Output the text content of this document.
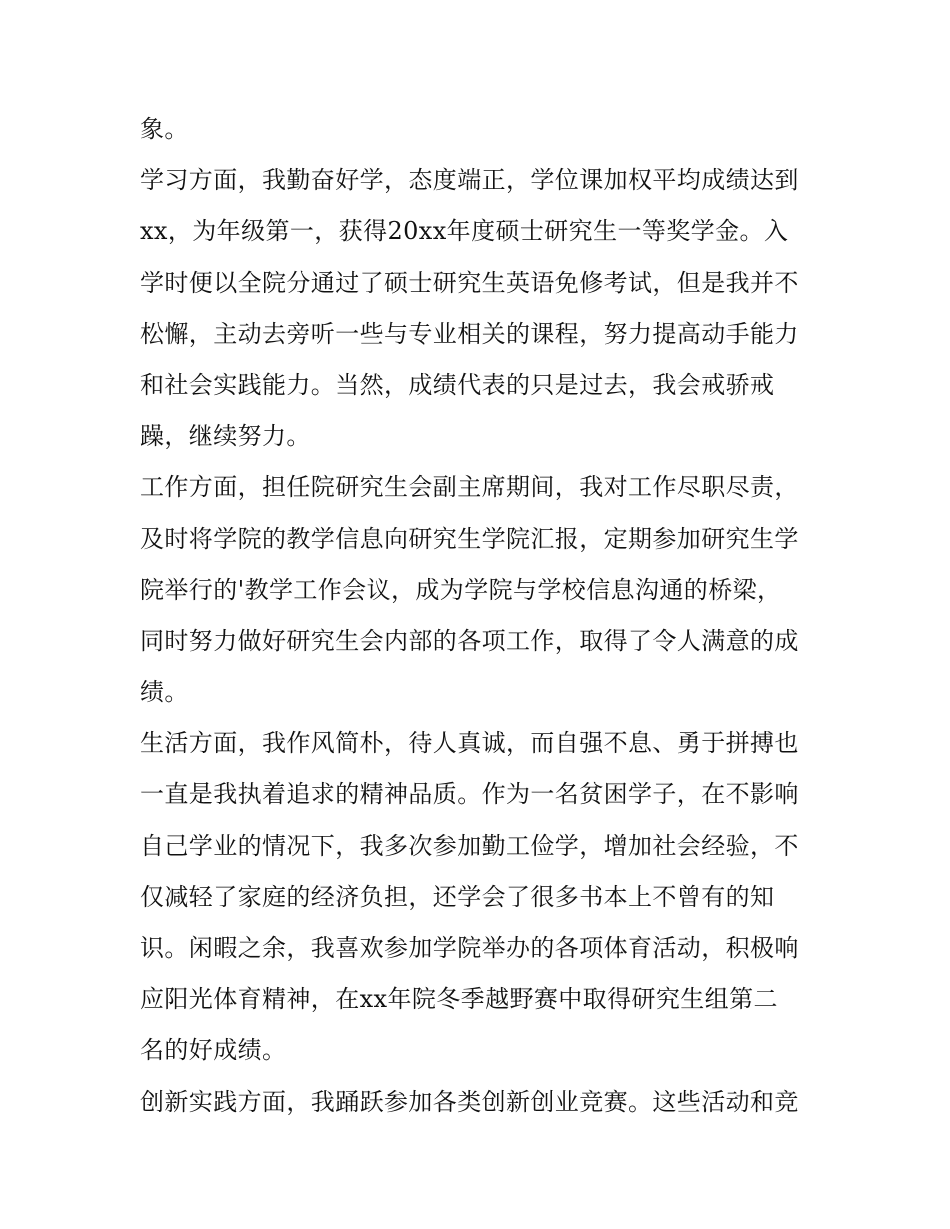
象。
学习方面，我勤奋好学，态度端正，学位课加权平均成绩达到
xx，为年级第一，获得20xx年度硕士研究生一等奖学金。入
学时便以全院分通过了硕士研究生英语免修考试，但是我并不
松懈，主动去旁听一些与专业相关的课程，努力提高动手能力
和社会实践能力。当然，成绩代表的只是过去，我会戒骄戒
躁，继续努力。
工作方面，担任院研究生会副主席期间，我对工作尽职尽责，
及时将学院的教学信息向研究生学院汇报，定期参加研究生学
院举行的'教学工作会议，成为学院与学校信息沟通的桥梁，
同时努力做好研究生会内部的各项工作，取得了令人满意的成
绩。
生活方面，我作风简朴，待人真诚，而自强不息、勇于拼搏也
一直是我执着追求的精神品质。作为一名贫困学子，在不影响
自己学业的情况下，我多次参加勤工俭学，增加社会经验，不
仅减轻了家庭的经济负担，还学会了很多书本上不曾有的知
识。闲暇之余，我喜欢参加学院举办的各项体育活动，积极响
应阳光体育精神，在xx年院冬季越野赛中取得研究生组第二
名的好成绩。
创新实践方面，我踊跃参加各类创新创业竞赛。这些活动和竞
